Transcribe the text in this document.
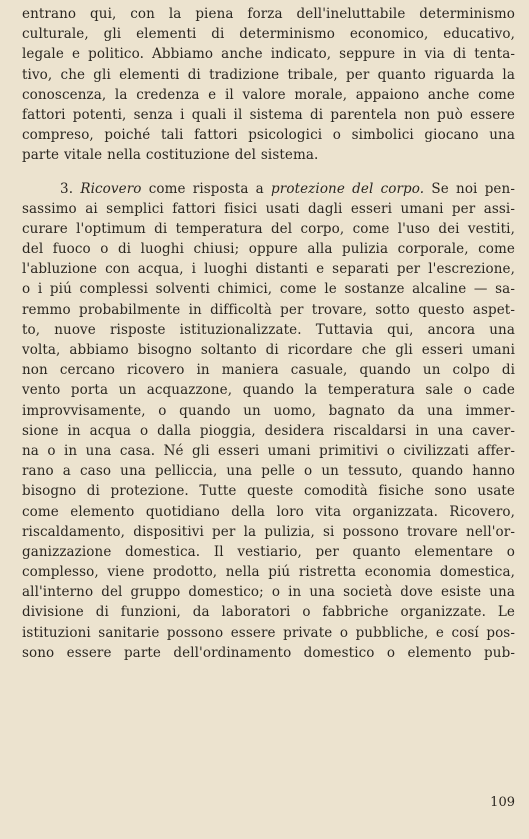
entrano qui, con la piena forza dell'ineluttabile determinismo
culturale, gli elementi di determinismo economico, educativo,
legale e politico. Abbiamo anche indicato, seppure in via di tenta-
tivo, che gli elementi di tradizione tribale, per quanto riguarda la
conoscenza, la credenza e il valore morale, appaiono anche come
fattori potenti, senza i quali il sistema di parentela non può essere
compreso, poiché tali fattori psicologici o simbolici giocano una
parte vitale nella costituzione del sistema.
3. Ricovero come risposta a protezione del corpo. Se noi pen-
sassimo ai semplici fattori fisici usati dagli esseri umani per assi-
curare l'optimum di temperatura del corpo, come l'uso dei vestiti,
del fuoco o di luoghi chiusi; oppure alla pulizia corporale, come
l'abluzione con acqua, i luoghi distanti e separati per l'escrezione,
o i piú complessi solventi chimici, come le sostanze alcaline — sa-
remmo probabilmente in difficoltà per trovare, sotto questo aspet-
to, nuove risposte istituzionalizzate. Tuttavia qui, ancora una
volta, abbiamo bisogno soltanto di ricordare che gli esseri umani
non cercano ricovero in maniera casuale, quando un colpo di
vento porta un acquazzone, quando la temperatura sale o cade
improvvisamente, o quando un uomo, bagnato da una immer-
sione in acqua o dalla pioggia, desidera riscaldarsi in una caver-
na o in una casa. Né gli esseri umani primitivi o civilizzati affer-
rano a caso una pelliccia, una pelle o un tessuto, quando hanno
bisogno di protezione. Tutte queste comodità fisiche sono usate
come elemento quotidiano della loro vita organizzata. Ricovero,
riscaldamento, dispositivi per la pulizia, si possono trovare nell'or-
ganizzazione domestica. Il vestiario, per quanto elementare o
complesso, viene prodotto, nella piú ristretta economia domestica,
all'interno del gruppo domestico; o in una società dove esiste una
divisione di funzioni, da laboratori o fabbriche organizzate. Le
istituzioni sanitarie possono essere private o pubbliche, e cosí pos-
sono essere parte dell'ordinamento domestico o elemento pub-
109
